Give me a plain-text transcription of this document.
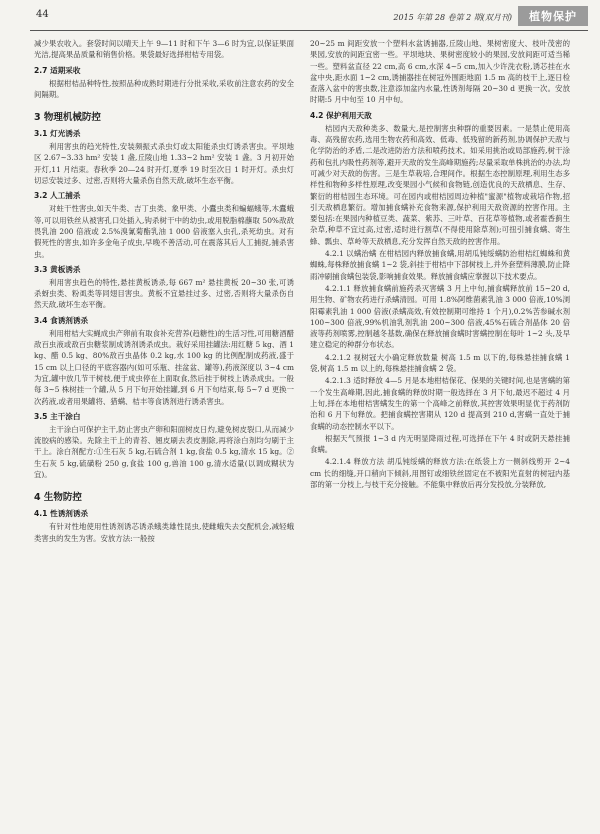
44	2015 年第 28 卷第 2 期(双月刊)	植物保护

减少果农收入。套袋时间以晴天上午 9—11 时和下午 3—6 时为宜,以保证果面光洁,提高果品质量和销售价格。果袋最好选择柑桔专用袋。

2.7 适期采收

根据柑桔品种特性,按照品种成熟时期进行分批采收,采收前注意农药的安全间隔期。

3 物理机械防控
3.1 灯光诱杀

利用害虫的趋光特性,安装频振式杀虫灯或太阳能杀虫灯诱杀害虫。平坝地区 2.67~3.33 hm² 安装 1 盏,丘陵山地 1.33~2 hm² 安装 1 盏。3 月初开始开灯,11 月结束。春秋季 20—24 时开灯,夏季 19 时至次日 1 时开灯。杀虫灯切忌安装过多、过密,否则将大量杀伤自然天敌,破坏生态平衡。

3.2 人工捕杀

对蛀干性害虫,如天牛类、吉丁虫类、象甲类、小蠹虫类和蝙蝠蛾等,木蠹蛾等,可以用铁丝从被害孔口处插入,钩杀树干中的幼虫,或用脱脂棉蘸取 50%敌敌畏乳油 200 倍液或 2.5%溴氰菊酯乳油 1 000 倍液塞入虫孔,杀死幼虫。对有假死性的害虫,如许多金龟子成虫,早晚不善活动,可在震落其后人工捕捉,捕杀害虫。

3.3 黄板诱杀

利用害虫趋色的特性,悬挂黄板诱杀,每 667 m² 悬挂黄板 20~30 张,可诱杀蚜虫类、粉虱类等同翅目害虫。黄板不宜悬挂过多、过密,否则将大量杀伤自然天敌,破坏生态平衡。

3.4 食诱剂诱杀

利用柑桔大实蝇成虫产卵前有取食补充营养(趋糖性)的生活习性,可用糖酒醋敌百虫液或敌百虫糖浆制成诱剂诱杀成虫。栽好采用挂罐法:用红糖 5 kg、酒 1 kg、醋 0.5 kg、80%敌百虫晶体 0.2 kg,水 100 kg 的比例配制成药液,盛于 15 cm 以上口径的平底容器内(如可乐瓶、挂盆盆、罐等),药液深度以 3~4 cm 为宜,罐中放几节干树枝,便于成虫停在上面取食,然后挂于树枝上诱杀成虫。一般每 3~5 株树挂一个罐,从 5 月下旬开始挂罐,到 6 月下旬结束,每 5~7 d 更换一次药液,或者用果罐将、猎螨、桔丰等食诱剂进行诱杀害虫。

3.5 主干涂白

主干涂白可保护主干,防止害虫产卵和阳面树皮日灼,避免树皮裂口,从而减少流胶病的感染。先除主干上的青苔、翘皮刷去表皮割除,再将涂白剂均匀刷于主干上。涂白剂配方:①生石灰 5 kg,石硫合剂 1 kg,食盐 0.5 kg,清水 15 kg。②生石灰 5 kg,硫磺粉 250 g,食盐 100 g,兽油 100 g,清水适量(以调成糊状为宜)。

4 生物防控
4.1 性诱剂诱杀

有针对性地使用性诱剂诱芯诱杀蛾类雄性昆虫,使雌蛾失去交配机会,减轻蛾类害虫的发生为害。安放方法:一般按

20~25 m 间距安放一个塑料水盆诱捕器,丘陵山地、果树密度大、枝叶茂密的果园,安放的间距宜密一些。平坝地块、果树密度较小的果园,安放间距可适当稀一些。塑料盆直径 22 cm,高 6 cm,水深 4~5 cm,加入少许洗衣粉,诱芯挂在水盆中央,距水面 1~2 cm,诱捕器挂在树冠外围距地面 1.5 m 高的枝干上,逐日检查落入盆中的害虫数,注意添加盆内水量,性诱剂每隔 20~30 d 更换一次。安放时期:5 月中旬至 10 月中旬。

4.2 保护利用天敌

桔园内天敌种类多、数量大,是控制害虫种群的重要因素。一是禁止使用高毒、高残留农药,选用生物农药和高效、低毒、低残留的新药剂,协调保护天敌与化学防治的矛盾,二是改进防治方法和喷药技术。如采用挑治或局部施药,树干涂药和包扎内吸性药剂等,避开天敌的发生高峰期施药;尽量采取单株挑治的办法,均可减少对天敌的伤害。三是生草栽培,合理间作。根据生态控制原理,利用生态多样性和物种多样性原理,改变果园小气候和食物链,创造优良的天敌栖息、生存、繁衍的柑桔园生态环境。可在园内或柑桔园周边种植"蜜源"植物或栽培作物,招引天敌栖息繁衍。增加捕食螨补充食物来源,保护利用天敌资源的控害作用。主要包括:在果园内种植豆类、蔬菜、紫苏、三叶草、百花草等植物,或者霍香蓟生杂草,种草不宜过高,过密,适时进行割草(不得使用除草剂);可扭引捕食螨、寄生蜂、瓢虫、草岭等天敌栖息,充分发挥自然天敌的控害作用。

4.2.1 以螨治螨 在柑桔园内释放捕食螨,用胡瓜钝绥螨防治柑桔红蜘蛛和黄蜘蛛,每株释放捕食螨 1~2 袋,斜挂于柑桔中下部树枝上,并外套塑料薄膜,防止降雨冲刷捕食螨包装袋,影响捕食效果。释放捕食螨应掌握以下技术要点。

4.2.1.1 释放捕食螨前施药杀灭害螨 3 月上中旬,捕食螨释放前 15~20 d,用生物、矿物农药进行杀螨清园。可用 1.8%阿维菌素乳油 3 000 倍液,10%浏阳霉素乳油 1 000 倍液(杀螨高效,有效控制期可维持 1 个月),0.2%苦参碱水剂 100~300 倍液,99%机油乳剂乳油 200~300 倍液,45%石硫合剂晶体 20 倍液等药剂喷雾,控制越冬基数,确保在释放捕食螨时害螨控制在每叶 1~2 头,及早建立稳定的种群分布状态。

4.2.1.2 视树冠大小确定释放数量 树高 1.5 m 以下的,每株悬挂捕食螨 1 袋,树高 1.5 m 以上的,每株悬挂捕食螨 2 袋。

4.2.1.3 适时释放 4—5 月是本地柑桔保花、保果的关键时间,也是害螨的第一个发生高峰期,因此,捕食螨的释放时期一般选择在 3 月下旬,最迟不超过 4 月上旬,择在本地柑桔害螨发生的第一个高峰之前释放,其控害效果明显优于药剂防治和 6 月下旬释放。把捕食螨控害期从 120 d 提高到 210 d,害螨一直处于捕食螨的动态控制水平以下。

根据天气预报 1~3 d 内无明显降雨过程,可选择在下午 4 时或阴天悬挂捕食螨。

4.2.1.4 释放方法 胡瓜钝绥螨的释放方法:在纸袋上方一侧斜线剪开 2~4 cm 长的细缝,开口稍向下倾斜,用图钉或细铁丝固定在不被阳光直射的树冠内基部的第一分枝上,与枝干充分接触。不能集中释放后再分发投放,分装释放,
